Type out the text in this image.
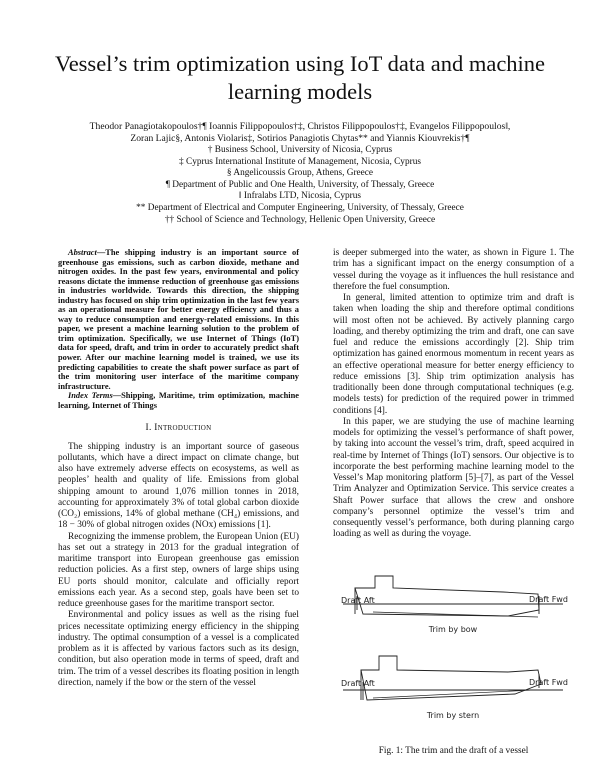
Vessel’s trim optimization using IoT data and machine learning models
Theodor Panagiotakopoulos†¶ Ioannis Filippopoulos†‡, Christos Filippopoulos†‡, Evangelos Filippopoulos‖,
Zoran Lajic§, Antonis Violaris‡, Sotirios Panagiotis Chytas** and Yiannis Kiouvrekis†¶
† Business School, University of Nicosia, Cyprus
‡ Cyprus International Institute of Management, Nicosia, Cyprus
§ Angelicoussis Group, Athens, Greece
¶ Department of Public and One Health, University, of Thessaly, Greece
‖ Infralabs LTD, Nicosia, Cyprus
** Department of Electrical and Computer Engineering, University, of Thessaly, Greece
†† School of Science and Technology, Hellenic Open University, Greece
Abstract—The shipping industry is an important source of greenhouse gas emissions, such as carbon dioxide, methane and nitrogen oxides. In the past few years, environmental and policy reasons dictate the immense reduction of greenhouse gas emissions in industries worldwide. Towards this direction, the shipping industry has focused on ship trim optimization in the last few years as an operational measure for better energy efficiency and thus a way to reduce consumption and energy-related emissions. In this paper, we present a machine learning solution to the problem of trim optimization. Specifically, we use Internet of Things (IoT) data for speed, draft, and trim in order to accurately predict shaft power. After our machine learning model is trained, we use its predicting capabilities to create the shaft power surface as part of the trim monitoring user interface of the maritime company infrastructure.
Index Terms—Shipping, Maritime, trim optimization, machine learning, Internet of Things
I. Introduction

The shipping industry is an important source of gaseous pollutants, which have a direct impact on climate change, but also have extremely adverse effects on ecosystems, as well as peoples’ health and quality of life. Emissions from global shipping amount to around 1,076 million tonnes in 2018, accounting for approximately 3% of total global carbon dioxide (CO₂) emissions, 14% of global methane (CH₄) emissions, and 18 − 30% of global nitrogen oxides (NOx) emissions [1].

Recognizing the immense problem, the European Union (EU) has set out a strategy in 2013 for the gradual integration of maritime transport into European greenhouse gas emission reduction policies. As a first step, owners of large ships using EU ports should monitor, calculate and officially report emissions each year. As a second step, goals have been set to reduce greenhouse gases for the maritime transport sector.

Environmental and policy issues as well as the rising fuel prices necessitate optimizing energy efficiency in the shipping industry. The optimal consumption of a vessel is a complicated problem as it is affected by various factors such as its design, condition, but also operation mode in terms of speed, draft and trim. The trim of a vessel describes its floating position in length direction, namely if the bow or the stern of the vessel

is deeper submerged into the water, as shown in Figure 1. The trim has a significant impact on the energy consumption of a vessel during the voyage as it influences the hull resistance and therefore the fuel consumption.

In general, limited attention to optimize trim and draft is taken when loading the ship and therefore optimal conditions will most often not be achieved. By actively planning cargo loading, and thereby optimizing the trim and draft, one can save fuel and reduce the emissions accordingly [2]. Ship trim optimization has gained enormous momentum in recent years as an effective operational measure for better energy efficiency to reduce emissions [3]. Ship trim optimization analysis has traditionally been done through computational techniques (e.g. models tests) for prediction of the required power in trimmed conditions [4].

In this paper, we are studying the use of machine learning models for optimizing the vessel’s performance of shaft power, by taking into account the vessel’s trim, draft, speed acquired in real-time by Internet of Things (IoT) sensors. Our objective is to incorporate the best performing machine learning model to the Vessel’s Map monitoring platform [5]–[7], as part of the Vessel Trim Analyzer and Optimization Service. This service creates a Shaft Power surface that allows the crew and onshore company’s personnel optimize the vessel’s trim and consequently vessel’s performance, both during planning cargo loading as well as during the voyage.

Draft Aft	Draft Fwd
Trim by bow
Draft Aft	Draft Fwd
Trim by stern
Fig. 1: The trim and the draft of a vessel
